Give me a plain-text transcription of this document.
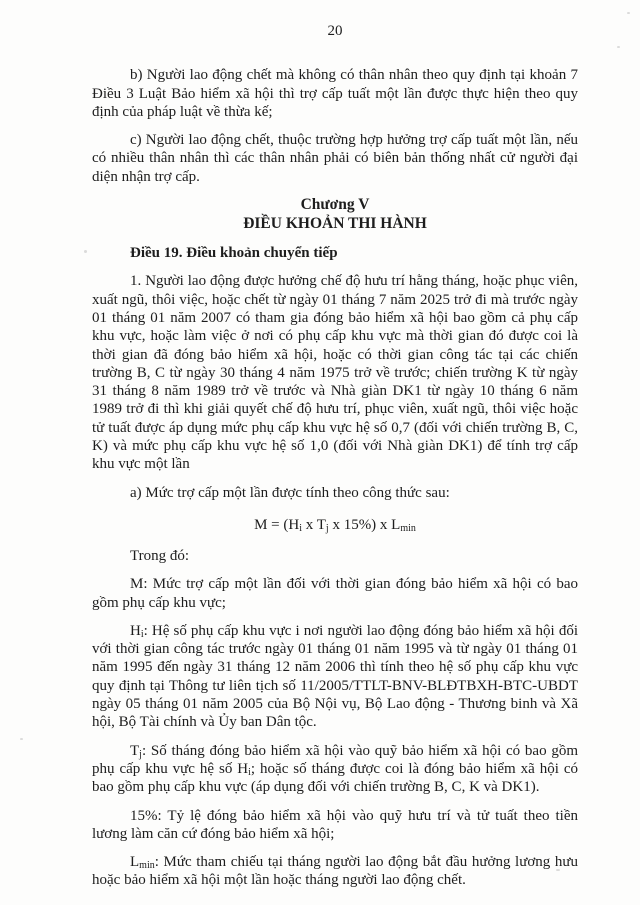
20

b) Người lao động chết mà không có thân nhân theo quy định tại khoản 7 Điều 3 Luật Bảo hiểm xã hội thì trợ cấp tuất một lần được thực hiện theo quy định của pháp luật về thừa kế;

c) Người lao động chết, thuộc trường hợp hưởng trợ cấp tuất một lần, nếu có nhiều thân nhân thì các thân nhân phải có biên bản thống nhất cử người đại diện nhận trợ cấp.

Chương V
ĐIỀU KHOẢN THI HÀNH

Điều 19. Điều khoản chuyển tiếp

1. Người lao động được hưởng chế độ hưu trí hằng tháng, hoặc phục viên, xuất ngũ, thôi việc, hoặc chết từ ngày 01 tháng 7 năm 2025 trở đi mà trước ngày 01 tháng 01 năm 2007 có tham gia đóng bảo hiểm xã hội bao gồm cả phụ cấp khu vực, hoặc làm việc ở nơi có phụ cấp khu vực mà thời gian đó được coi là thời gian đã đóng bảo hiểm xã hội, hoặc có thời gian công tác tại các chiến trường B, C từ ngày 30 tháng 4 năm 1975 trở về trước; chiến trường K từ ngày 31 tháng 8 năm 1989 trở về trước và Nhà giàn DK1 từ ngày 10 tháng 6 năm 1989 trở đi thì khi giải quyết chế độ hưu trí, phục viên, xuất ngũ, thôi việc hoặc tử tuất được áp dụng mức phụ cấp khu vực hệ số 0,7 (đối với chiến trường B, C, K) và mức phụ cấp khu vực hệ số 1,0 (đối với Nhà giàn DK1) để tính trợ cấp khu vực một lần

a) Mức trợ cấp một lần được tính theo công thức sau:

$M = (H_i$ x $T_j$ x 15%) x $L_{min}$

Trong đó:

M: Mức trợ cấp một lần đối với thời gian đóng bảo hiểm xã hội có bao gồm phụ cấp khu vực;

$H_i$: Hệ số phụ cấp khu vực i nơi người lao động đóng bảo hiểm xã hội đối với thời gian công tác trước ngày 01 tháng 01 năm 1995 và từ ngày 01 tháng 01 năm 1995 đến ngày 31 tháng 12 năm 2006 thì tính theo hệ số phụ cấp khu vực quy định tại Thông tư liên tịch số 11/2005/TTLT-BNV-BLĐTBXH-BTC-UBDT ngày 05 tháng 01 năm 2005 của Bộ Nội vụ, Bộ Lao động - Thương binh và Xã hội, Bộ Tài chính và Ủy ban Dân tộc.

$T_j$: Số tháng đóng bảo hiểm xã hội vào quỹ bảo hiểm xã hội có bao gồm phụ cấp khu vực hệ số $H_i$; hoặc số tháng được coi là đóng bảo hiểm xã hội có bao gồm phụ cấp khu vực (áp dụng đối với chiến trường B, C, K và DK1).

15%: Tỷ lệ đóng bảo hiểm xã hội vào quỹ hưu trí và tử tuất theo tiền lương làm căn cứ đóng bảo hiểm xã hội;

$L_{min}$: Mức tham chiếu tại tháng người lao động bắt đầu hưởng lương hưu hoặc bảo hiểm xã hội một lần hoặc tháng người lao động chết.
